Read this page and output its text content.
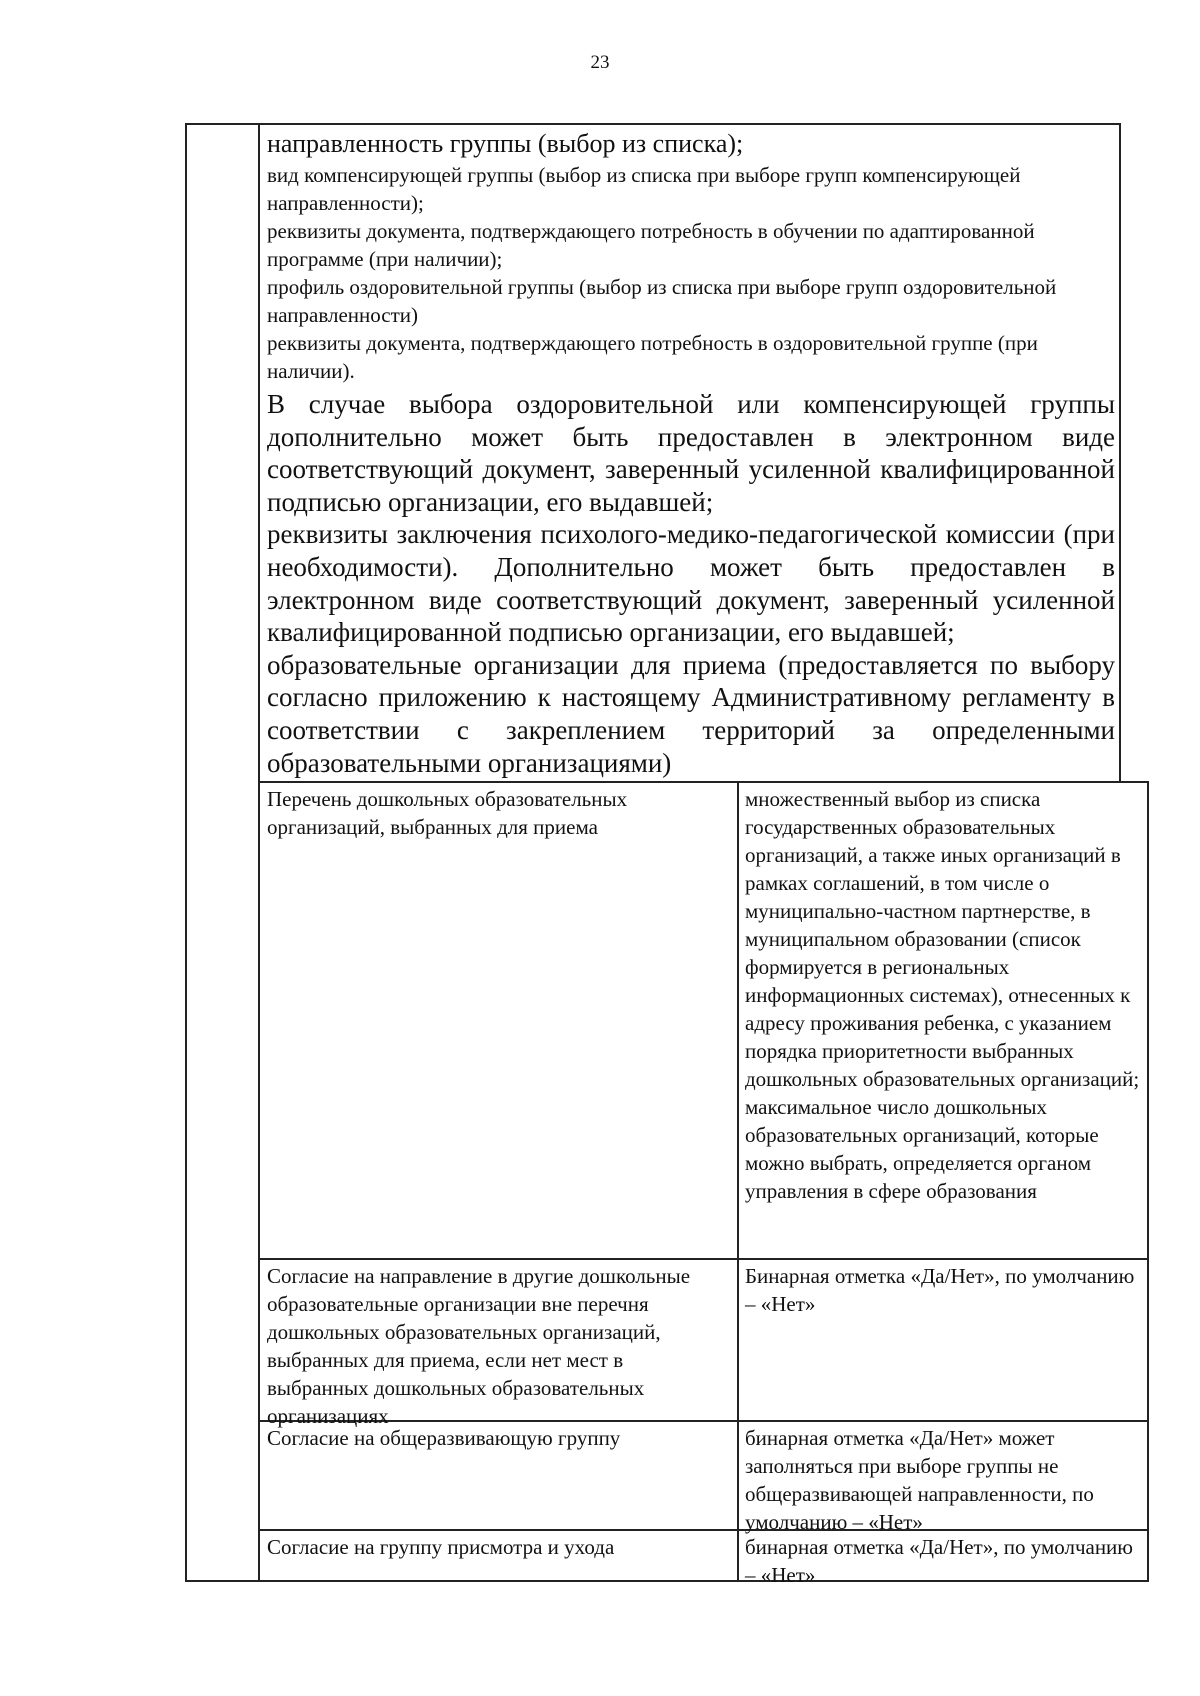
23

направленность группы (выбор из списка);

вид компенсирующей группы (выбор из списка при выборе групп компенсирующей направленности);

реквизиты документа, подтверждающего потребность в обучении по адаптированной программе (при наличии);

профиль оздоровительной группы (выбор из списка при выборе групп оздоровительной направленности)

реквизиты документа, подтверждающего потребность в оздоровительной группе (при наличии).

В случае выбора оздоровительной или компенсирующей группы дополнительно может быть предоставлен в электронном виде соответствующий документ, заверенный усиленной квалифицированной подписью организации, его выдавшей;

реквизиты заключения психолого-медико-педагогической комиссии (при необходимости). Дополнительно может быть предоставлен в электронном виде соответствующий документ, заверенный усиленной квалифицированной подписью организации, его выдавшей;

образовательные организации для приема (предоставляется по выбору согласно приложению к настоящему Административному регламенту в соответствии с закреплением территорий за определенными образовательными организациями)

Перечень дошкольных образовательных организаций, выбранных для приема

множественный выбор из списка государственных образовательных организаций, а также иных организаций в рамках соглашений, в том числе о муниципально-частном партнерстве, в муниципальном образовании (список формируется в региональных информационных системах), отнесенных к адресу проживания ребенка, с указанием порядка приоритетности выбранных дошкольных образовательных организаций; максимальное число дошкольных образовательных организаций, которые можно выбрать, определяется органом управления в сфере образования

Согласие на направление в другие дошкольные образовательные организации вне перечня дошкольных образовательных организаций, выбранных для приема, если нет мест в выбранных дошкольных образовательных организациях

Бинарная отметка «Да/Нет», по умолчанию – «Нет»

Согласие на общеразвивающую группу	бинарная отметка «Да/Нет» может заполняться при выборе группы не общеразвивающей направленности, по умолчанию – «Нет»

Согласие на группу присмотра и ухода	бинарная отметка «Да/Нет», по умолчанию – «Нет»
